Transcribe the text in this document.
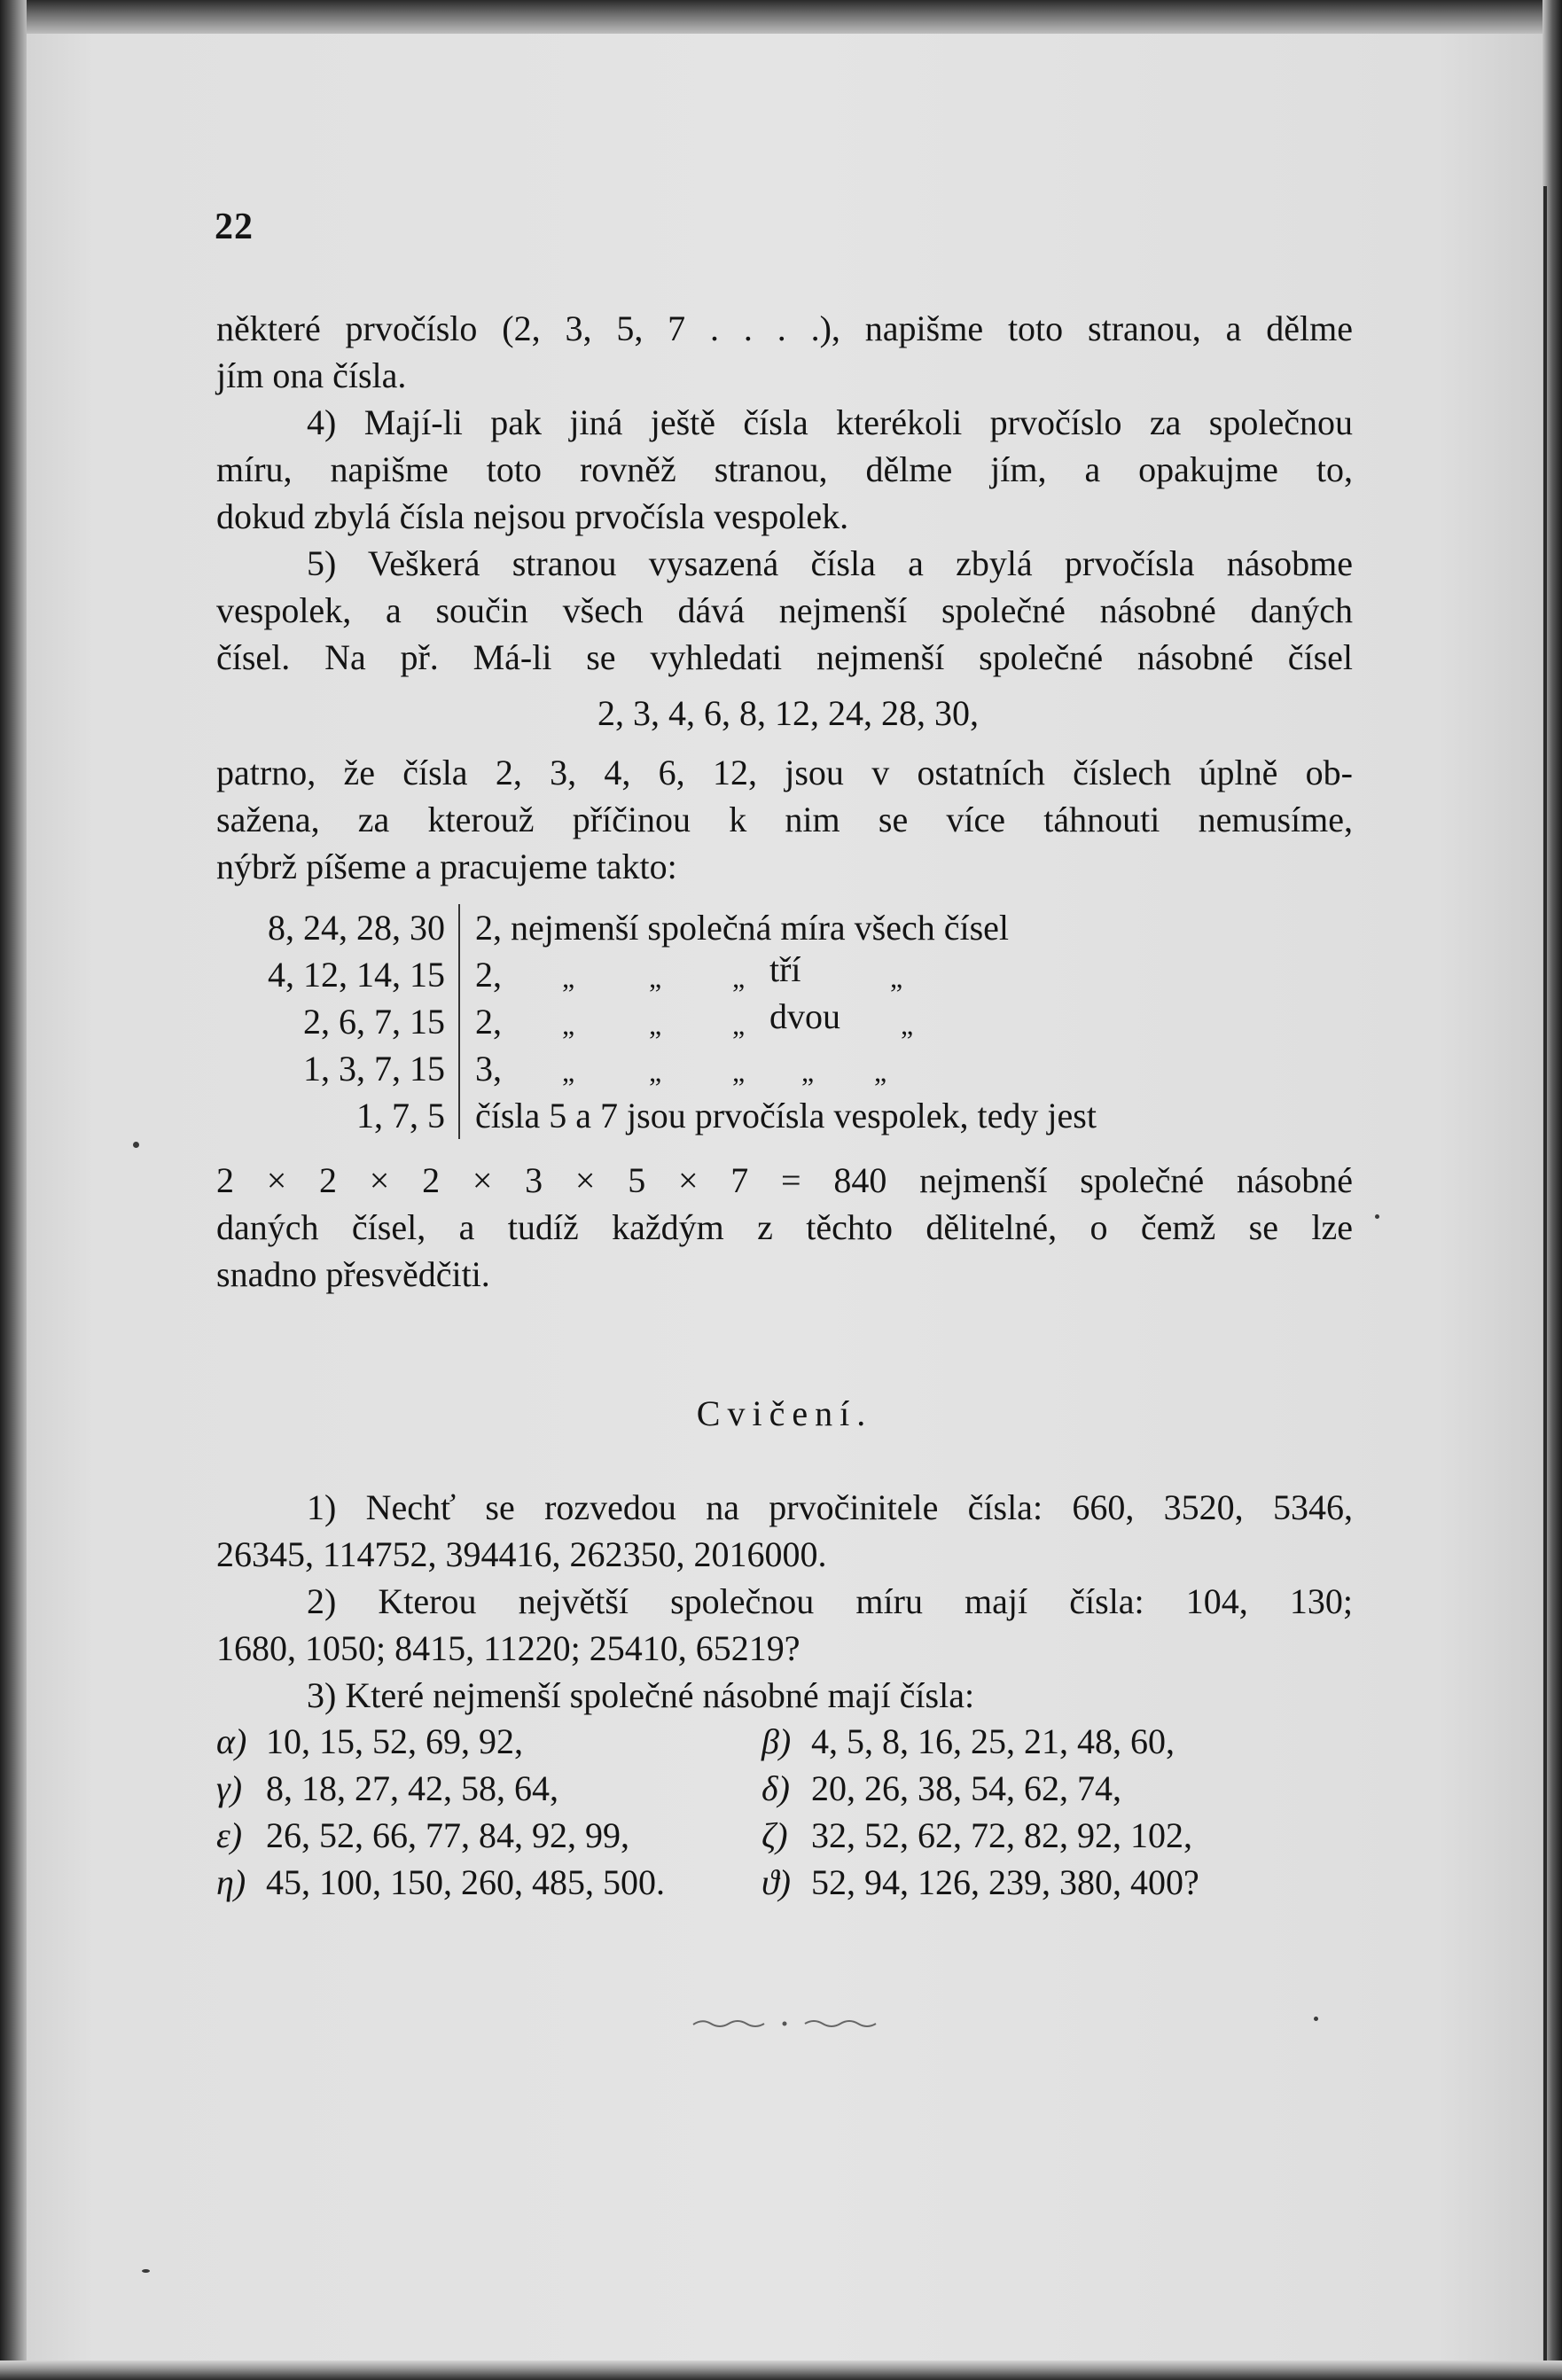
22
některé prvočíslo (2, 3, 5, 7 . . . .), napišme toto stranou, a dělme
jím ona čísla.
4) Mají-li pak jiná ještě čísla kterékoli prvočíslo za společnou
míru, napišme toto rovněž stranou, dělme jím, a opakujme to,
dokud zbylá čísla nejsou prvočísla vespolek.
5) Veškerá stranou vysazená čísla a zbylá prvočísla násobme
vespolek, a součin všech dává nejmenší společné násobné daných
čísel. Na př. Má-li se vyhledati nejmenší společné násobné čísel
2, 3, 4, 6, 8, 12, 24, 28, 30,
patrno, že čísla 2, 3, 4, 6, 12, jsou v ostatních číslech úplně ob-
sažena, za kterouž příčinou k nim se více táhnouti nemusíme,
nýbrž píšeme a pracujeme takto:
8, 24, 28, 30 2, nejmenší společná míra všech čísel
4, 12, 14, 15 2, „	„ „ tří	„
2, 6, 7, 15 2, „	„ „ dvou „
1, 3, 7, 15 3, „	„ „ „ „
1, 7, 5 čísla 5 a 7 jsou prvočísla vespolek, tedy jest
2 × 2 × 2 × 3 × 5 × 7 = 840 nejmenší společné násobné
daných čísel, a tudíž každým z těchto dělitelné, o čemž se lze
snadno přesvědčiti.
Cvičení.
1) Nechť se rozvedou na prvočinitele čísla: 660, 3520, 5346,
26345, 114752, 394416, 262350, 2016000.
2) Kterou největší společnou míru mají čísla: 104, 130;
1680, 1050; 8415, 11220; 25410, 65219?
3) Které nejmenší společné násobné mají čísla:
α) 10, 15, 52, 69, 92,	β) 4, 5, 8, 16, 25, 21, 48, 60,
γ) 8, 18, 27, 42, 58, 64,	δ) 20, 26, 38, 54, 62, 74,
ε) 26, 52, 66, 77, 84, 92, 99,	ζ) 32, 52, 62, 72, 82, 92, 102,
η) 45, 100, 150, 260, 485, 500.	ϑ) 52, 94, 126, 239, 380, 400?
